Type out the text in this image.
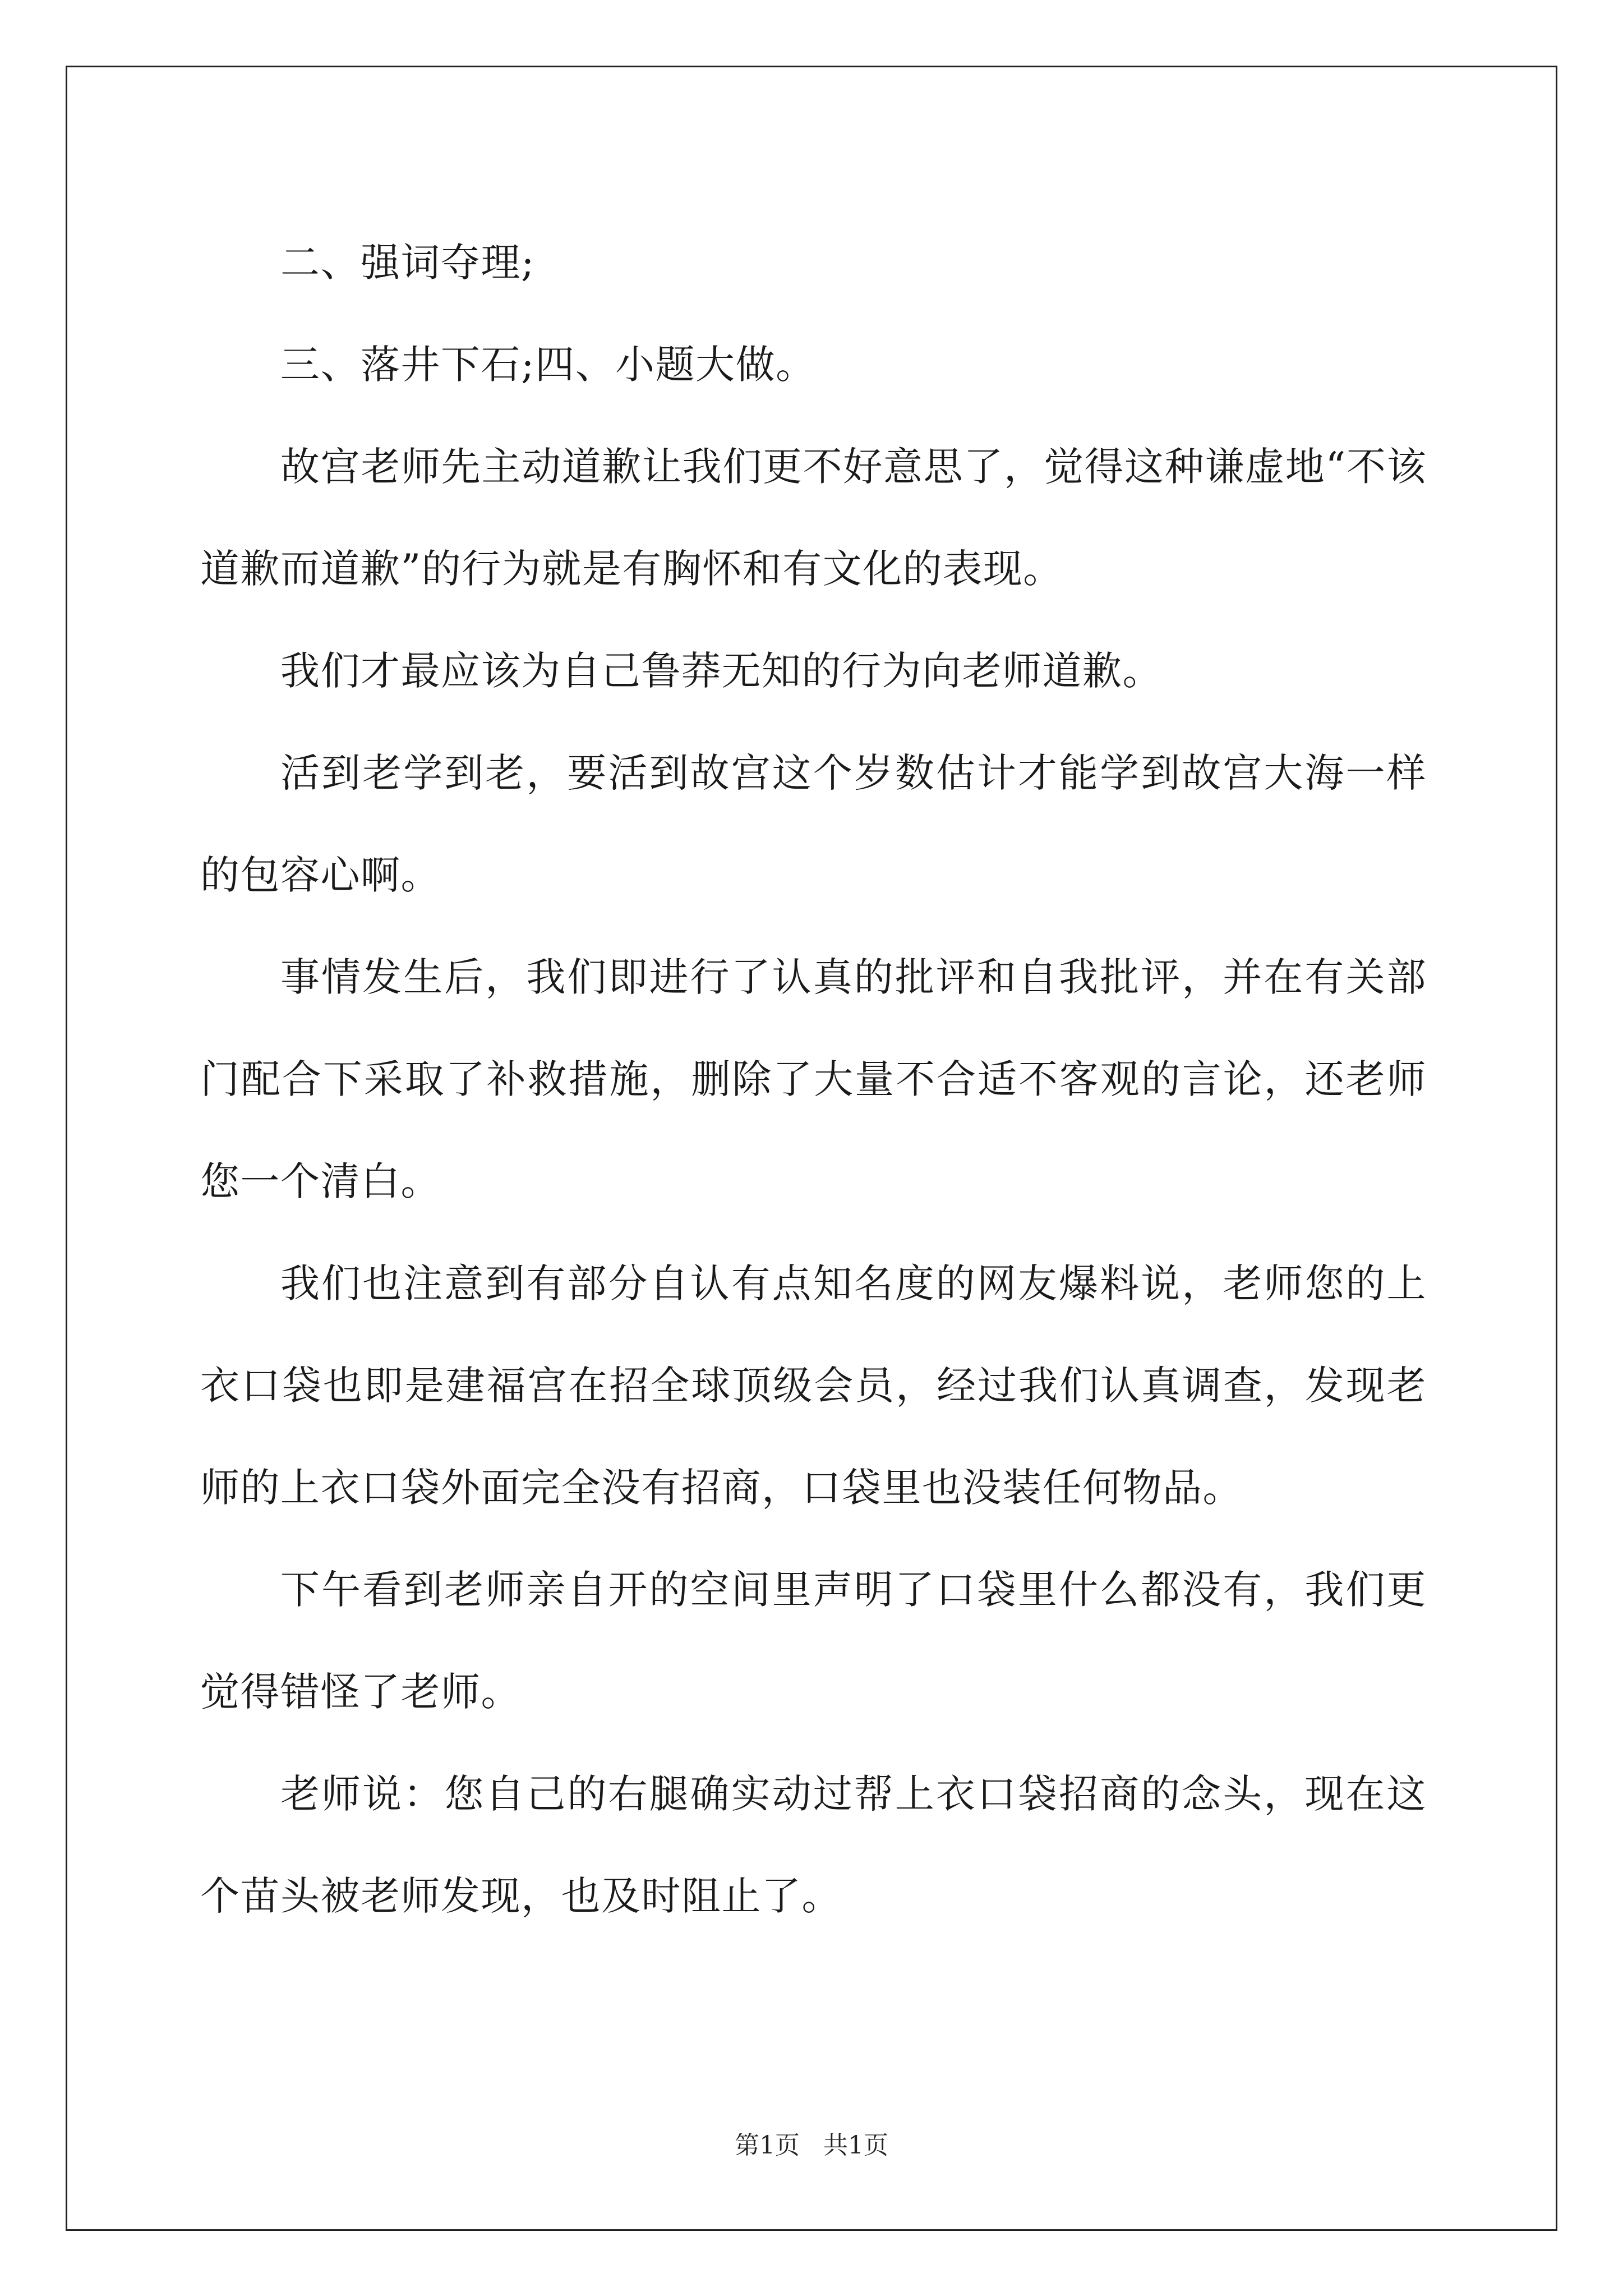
二、强词夺理;

三、落井下石;四、小题大做。

故宫老师先主动道歉让我们更不好意思了，觉得这种谦虚地“不该道歉而道歉”的行为就是有胸怀和有文化的表现。

我们才最应该为自己鲁莽无知的行为向老师道歉。

活到老学到老，要活到故宫这个岁数估计才能学到故宫大海一样的包容心啊。

事情发生后，我们即进行了认真的批评和自我批评，并在有关部门配合下采取了补救措施，删除了大量不合适不客观的言论，还老师您一个清白。

我们也注意到有部分自认有点知名度的网友爆料说，老师您的上衣口袋也即是建福宫在招全球顶级会员，经过我们认真调查，发现老师的上衣口袋外面完全没有招商，口袋里也没装任何物品。

下午看到老师亲自开的空间里声明了口袋里什么都没有，我们更觉得错怪了老师。

老师说：您自己的右腿确实动过帮上衣口袋招商的念头，现在这个苗头被老师发现，也及时阻止了。

第1页 共1页
